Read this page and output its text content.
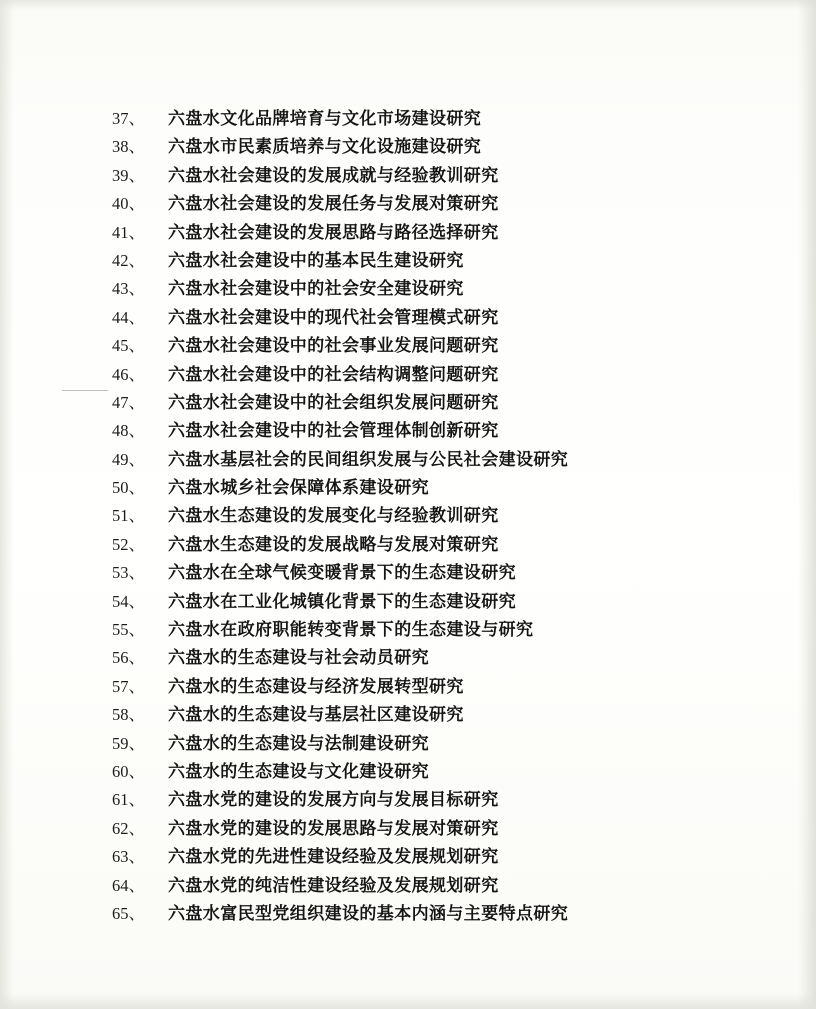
37、	六盘水文化品牌培育与文化市场建设研究
38、	六盘水市民素质培养与文化设施建设研究
39、	六盘水社会建设的发展成就与经验教训研究
40、	六盘水社会建设的发展任务与发展对策研究
41、	六盘水社会建设的发展思路与路径选择研究
42、	六盘水社会建设中的基本民生建设研究
43、	六盘水社会建设中的社会安全建设研究
44、	六盘水社会建设中的现代社会管理模式研究
45、	六盘水社会建设中的社会事业发展问题研究
46、	六盘水社会建设中的社会结构调整问题研究
47、	六盘水社会建设中的社会组织发展问题研究
48、	六盘水社会建设中的社会管理体制创新研究
49、	六盘水基层社会的民间组织发展与公民社会建设研究
50、	六盘水城乡社会保障体系建设研究
51、	六盘水生态建设的发展变化与经验教训研究
52、	六盘水生态建设的发展战略与发展对策研究
53、	六盘水在全球气候变暖背景下的生态建设研究
54、	六盘水在工业化城镇化背景下的生态建设研究
55、	六盘水在政府职能转变背景下的生态建设与研究
56、	六盘水的生态建设与社会动员研究
57、	六盘水的生态建设与经济发展转型研究
58、	六盘水的生态建设与基层社区建设研究
59、	六盘水的生态建设与法制建设研究
60、	六盘水的生态建设与文化建设研究
61、	六盘水党的建设的发展方向与发展目标研究
62、	六盘水党的建设的发展思路与发展对策研究
63、	六盘水党的先进性建设经验及发展规划研究
64、	六盘水党的纯洁性建设经验及发展规划研究
65、	六盘水富民型党组织建设的基本内涵与主要特点研究
